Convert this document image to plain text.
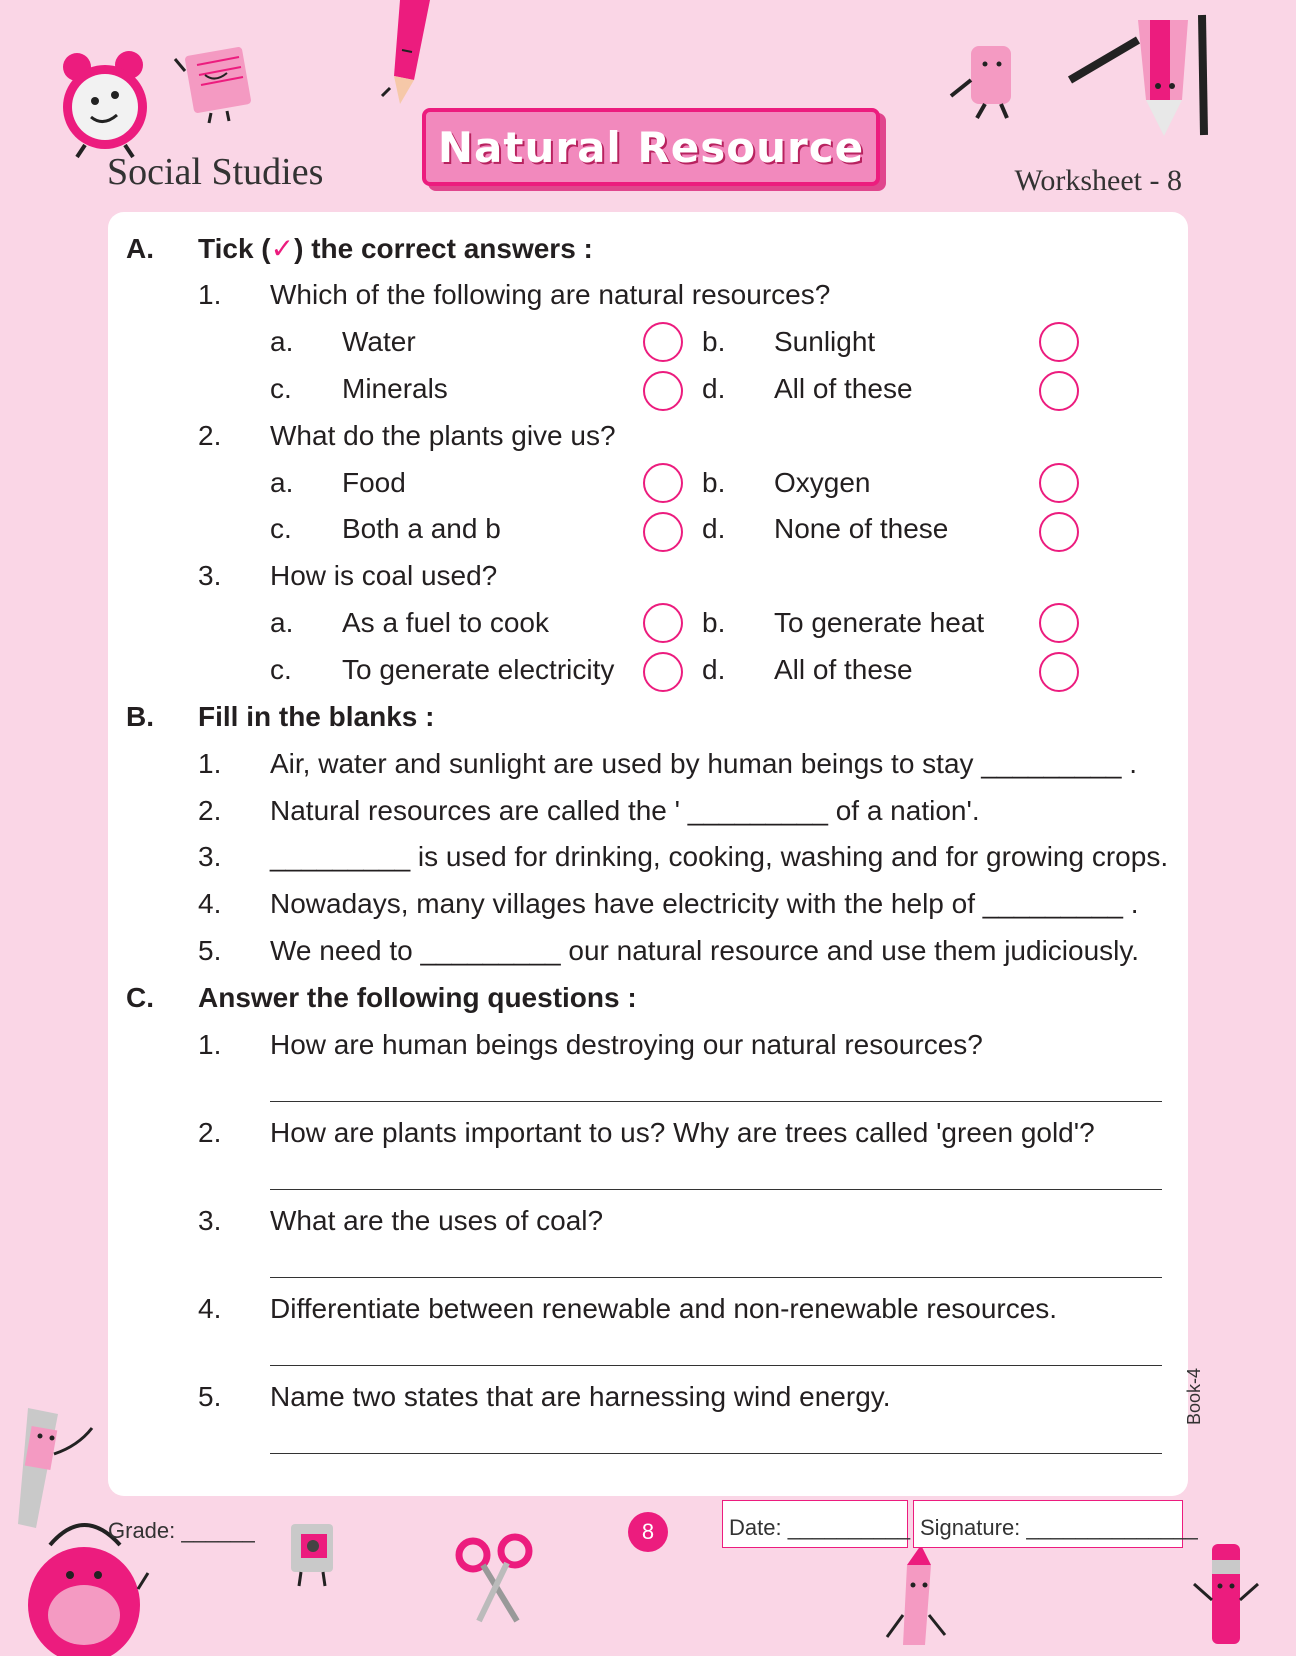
Social Studies
Natural Resource
Worksheet - 8
A. Tick (✓) the correct answers :
1. Which of the following are natural resources?
a. Water	b. Sunlight
c. Minerals	d. All of these
2. What do the plants give us?
a. Food	b. Oxygen
c. Both a and b	d. None of these
3. How is coal used?
a. As a fuel to cook	b. To generate heat
c. To generate electricity	d. All of these
B. Fill in the blanks :
1. Air, water and sunlight are used by human beings to stay _________ .
2. Natural resources are called the ' _________ of a nation'.
3. _________ is used for drinking, cooking, washing and for growing crops.
4. Nowadays, many villages have electricity with the help of _________ .
5. We need to _________ our natural resource and use them judiciously.
C. Answer the following questions :
1. How are human beings destroying our natural resources?
2. How are plants important to us? Why are trees called 'green gold'?
3. What are the uses of coal?
4. Differentiate between renewable and non-renewable resources.
5. Name two states that are harnessing wind energy.	Book-4
Grade: ______	8	Date: __________ Signature: ______________
